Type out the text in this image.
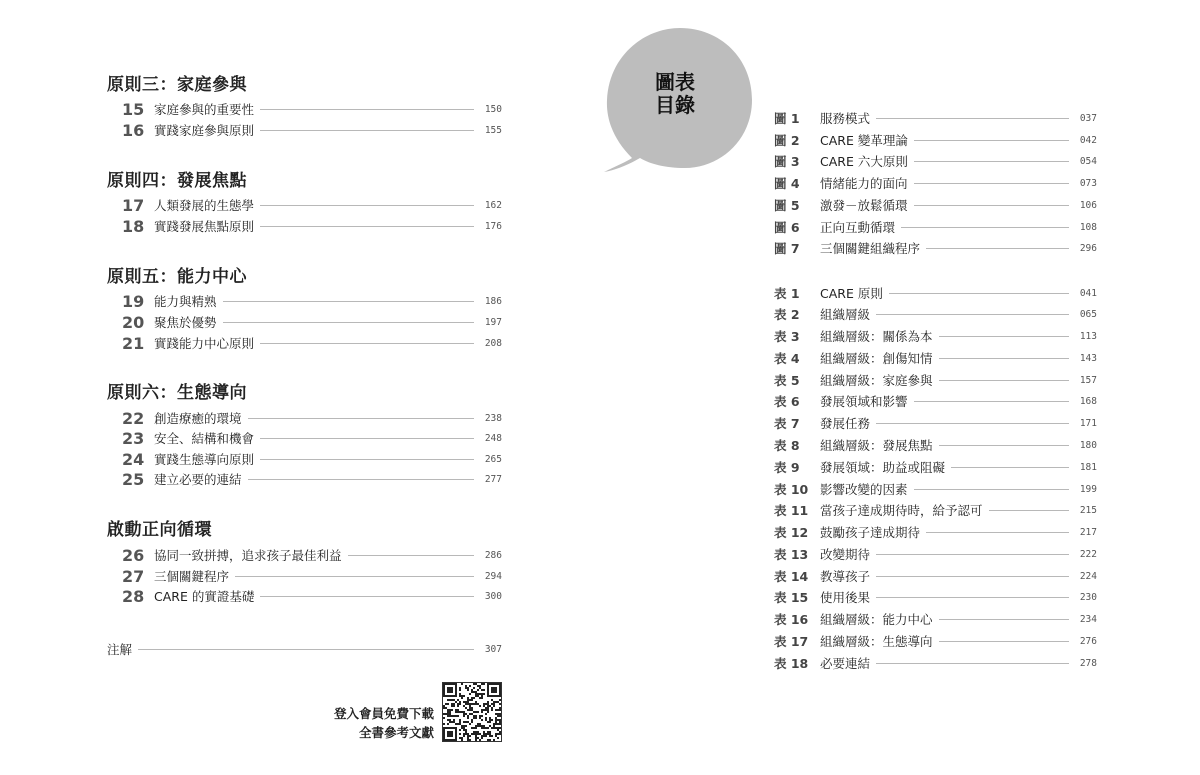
原則三：家庭參與
15 家庭參與的重要性	150
16 實踐家庭參與原則	155
原則四：發展焦點
17 人類發展的生態學	162
18 實踐發展焦點原則	176
原則五：能力中心
19 能力與精熟	186
20 聚焦於優勢	197
21 實踐能力中心原則	208
原則六：生態導向
22 創造療癒的環境	238
23 安全、結構和機會	248
24 實踐生態導向原則	265
25 建立必要的連結	277
啟動正向循環
26 協同一致拼搏，追求孩子最佳利益	286
27 三個關鍵程序	294
28 CARE 的實證基礎	300
注解	307
登入會員免費下載
全書參考文獻
圖表
目錄
圖 1	服務模式	037
圖 2	CARE 變革理論	042
圖 3	CARE 六大原則	054
圖 4	情緒能力的面向	073
圖 5	激發－放鬆循環	106
圖 6	正向互動循環	108
圖 7	三個關鍵組織程序	296
表 1	CARE 原則	041
表 2	組織層級	065
表 3	組織層級：關係為本	113
表 4	組織層級：創傷知情	143
表 5	組織層級：家庭參與	157
表 6	發展領域和影響	168
表 7	發展任務	171
表 8	組織層級：發展焦點	180
表 9	發展領域：助益或阻礙	181
表 10 影響改變的因素	199
表 11 當孩子達成期待時，給予認可	215
表 12 鼓勵孩子達成期待	217
表 13 改變期待	222
表 14 教導孩子	224
表 15 使用後果	230
表 16 組織層級：能力中心	234
表 17 組織層級：生態導向	276
表 18 必要連結	278
